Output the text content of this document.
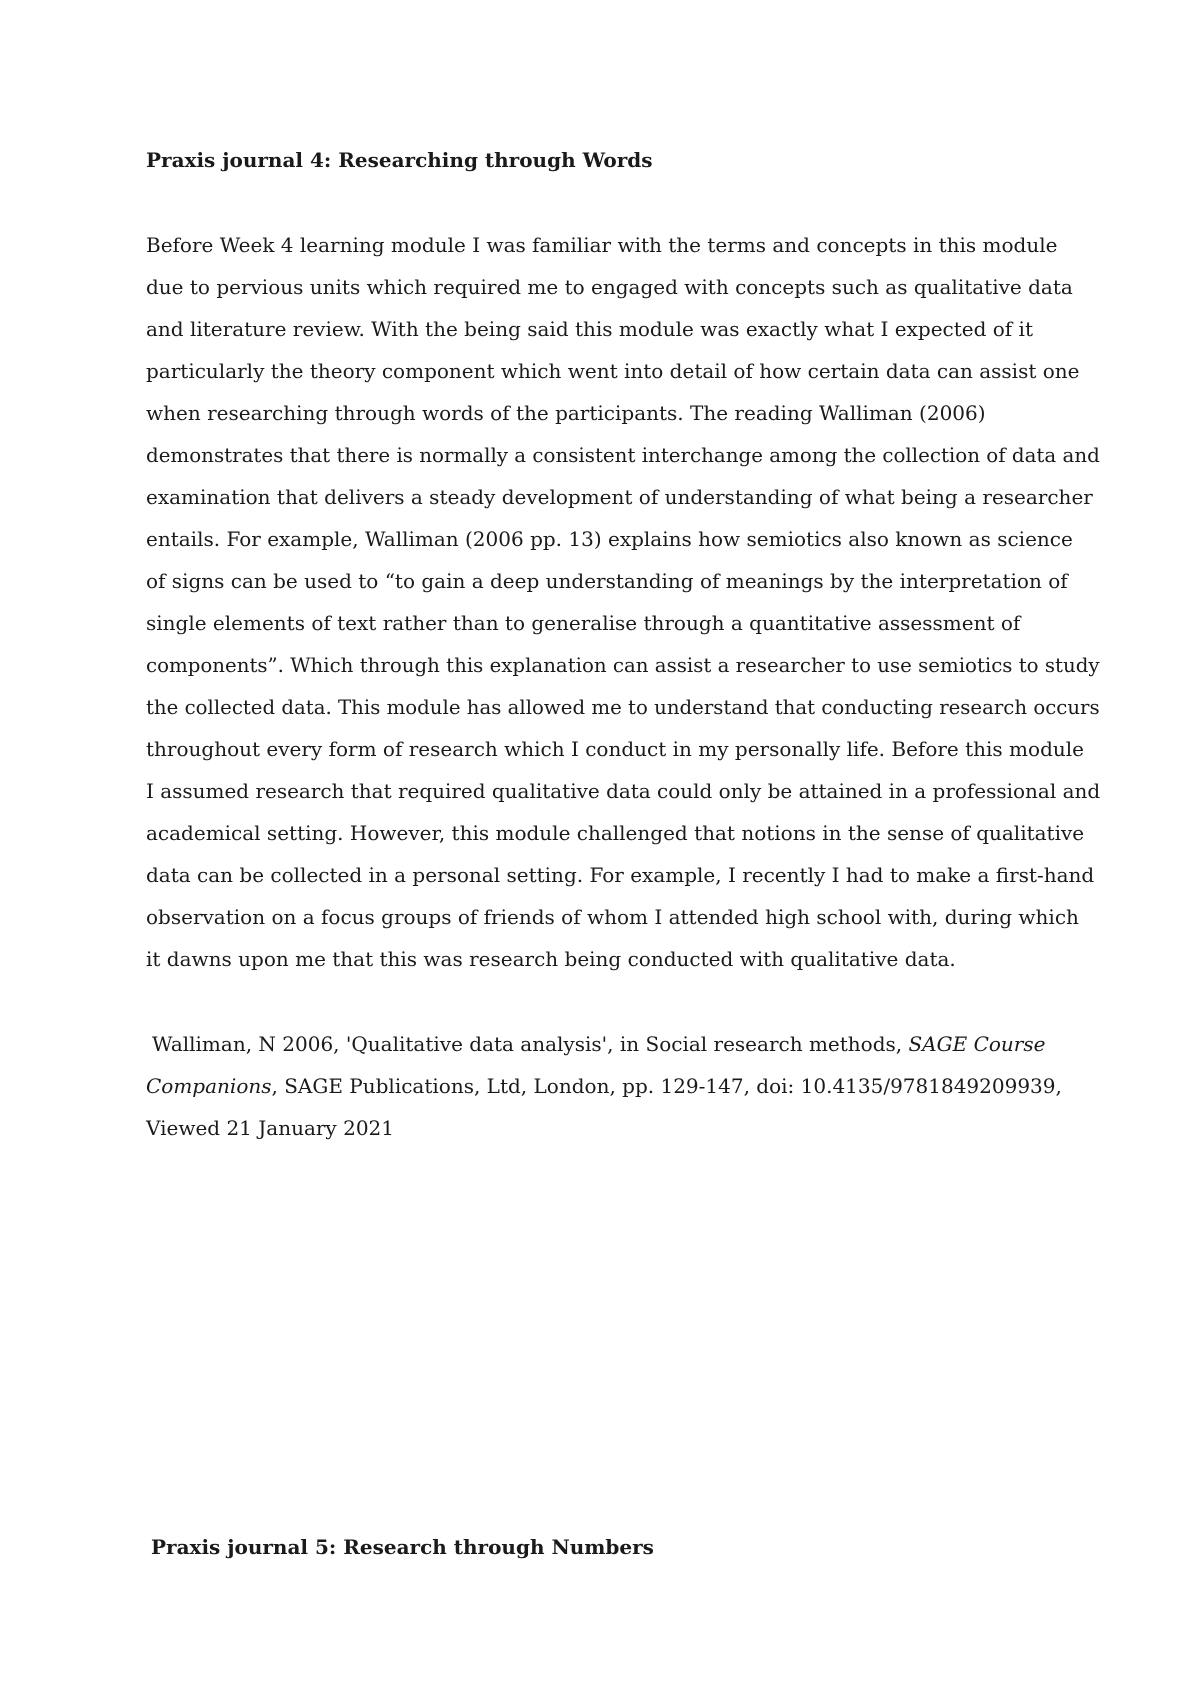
Praxis journal 4: Researching through Words
Before Week 4 learning module I was familiar with the terms and concepts in this module
due to pervious units which required me to engaged with concepts such as qualitative data
and literature review. With the being said this module was exactly what I expected of it
particularly the theory component which went into detail of how certain data can assist one
when researching through words of the participants. The reading Walliman (2006)
demonstrates that there is normally a consistent interchange among the collection of data and
examination that delivers a steady development of understanding of what being a researcher
entails. For example, Walliman (2006 pp. 13) explains how semiotics also known as science
of signs can be used to “to gain a deep understanding of meanings by the interpretation of
single elements of text rather than to generalise through a quantitative assessment of
components”. Which through this explanation can assist a researcher to use semiotics to study
the collected data. This module has allowed me to understand that conducting research occurs
throughout every form of research which I conduct in my personally life. Before this module
I assumed research that required qualitative data could only be attained in a professional and
academical setting. However, this module challenged that notions in the sense of qualitative
data can be collected in a personal setting. For example, I recently I had to make a first-hand
observation on a focus groups of friends of whom I attended high school with, during which
it dawns upon me that this was research being conducted with qualitative data.
Walliman, N 2006, 'Qualitative data analysis', in Social research methods, SAGE Course
Companions, SAGE Publications, Ltd, London, pp. 129-147, doi: 10.4135/9781849209939,
Viewed 21 January 2021
Praxis journal 5: Research through Numbers
